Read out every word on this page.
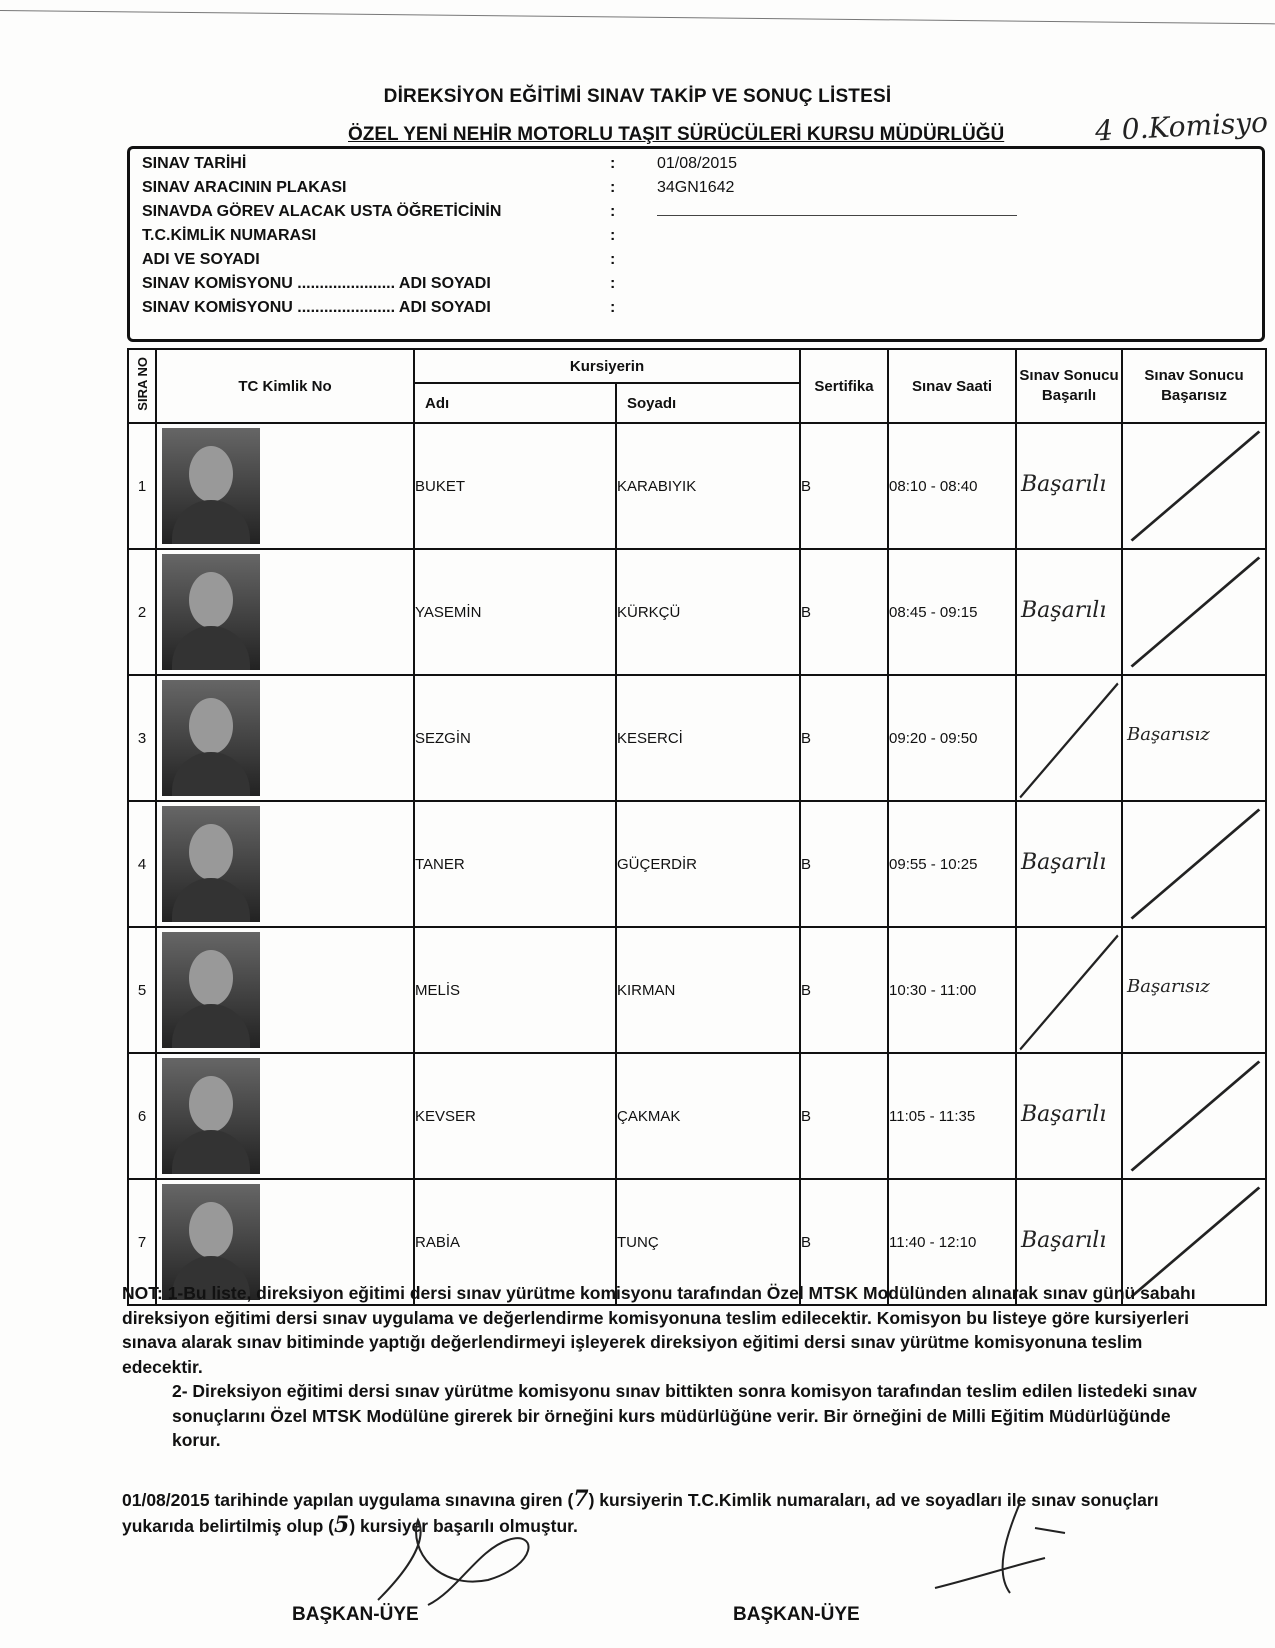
DİREKSİYON EĞİTİMİ SINAV TAKİP VE SONUÇ LİSTESİ
ÖZEL YENİ NEHİR MOTORLU TAŞIT SÜRÜCÜLERİ KURSU MÜDÜRLÜĞÜ	4 0.Komisyo
SINAV TARİHİ	:	01/08/2015
SINAV ARACININ PLAKASI	:	34GN1642
SINAVDA GÖREV ALACAK USTA ÖĞRETİCİNİN	:
T.C.KİMLİK NUMARASI	:
ADI VE SOYADI	:
SINAV KOMİSYONU ...................... ADI SOYADI	:
SINAV KOMİSYONU ...................... ADI SOYADI	:
SIRA NO	TC Kimlik No	Kursiyerin		Sertifika	Sınav Saati	Sınav Sonucu Başarılı	Sınav Sonucu Başarısız
		Adı	Soyadı				
1		BUKET	KARABIYIK	B	08:10 - 08:40	Başarılı

2		YASEMİN	KÜRKÇÜ	B	08:45 - 09:15	Başarılı

3		SEZGİN	KESERCİ	B	09:20 - 09:50		Başarısız

4		TANER	GÜÇERDİR	B	09:55 - 10:25	Başarılı

5		MELİS	KIRMAN	B	10:30 - 11:00		Başarısız

6		KEVSER	ÇAKMAK	B	11:05 - 11:35	Başarılı

7		RABİA	TUNÇ	B	11:40 - 12:10	Başarılı

NOT: 1-Bu liste, direksiyon eğitimi dersi sınav yürütme komisyonu tarafından Özel MTSK Modülünden alınarak sınav günü sabahı direksiyon eğitimi dersi sınav uygulama ve değerlendirme komisyonuna teslim edilecektir. Komisyon bu listeye göre kursiyerleri sınava alarak sınav bitiminde yaptığı değerlendirmeyi işleyerek direksiyon eğitimi dersi sınav yürütme komisyonuna teslim edecektir.

2- Direksiyon eğitimi dersi sınav yürütme komisyonu sınav bittikten sonra komisyon tarafından teslim edilen listedeki sınav sonuçlarını Özel MTSK Modülüne girerek bir örneğini kurs müdürlüğüne verir. Bir örneğini de Milli Eğitim Müdürlüğünde korur.

01/08/2015 tarihinde yapılan uygulama sınavına giren (7) kursiyerin T.C.Kimlik numaraları, ad ve soyadları ile sınav sonuçları yukarıda belirtilmiş olup (5) kursiyer başarılı olmuştur.
BAŞKAN-ÜYE	BAŞKAN-ÜYE
